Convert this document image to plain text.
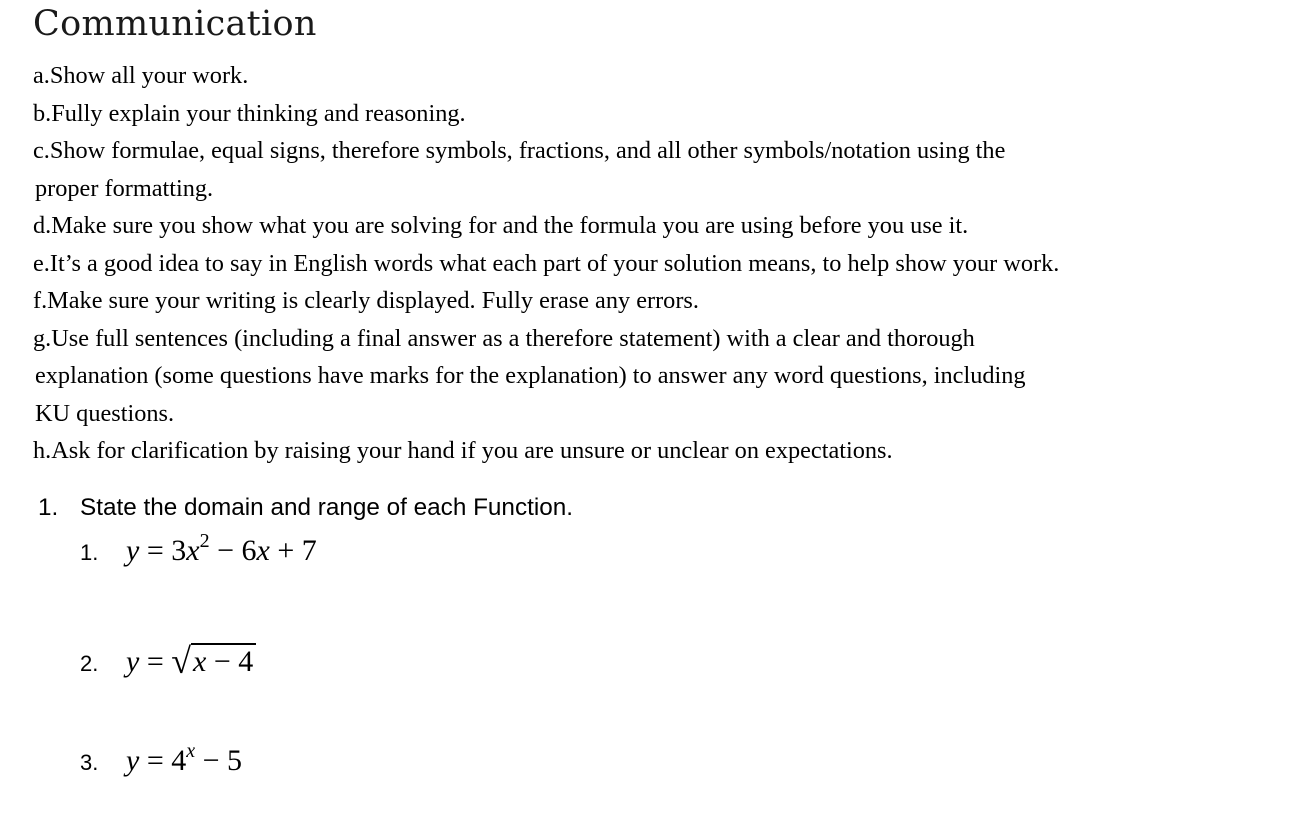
Communication
a.Show all your work.
b.Fully explain your thinking and reasoning.
c.Show formulae, equal signs, therefore symbols, fractions, and all other symbols/notation using the
proper formatting.
d.Make sure you show what you are solving for and the formula you are using before you use it.
e.It’s a good idea to say in English words what each part of your solution means, to help show your work.
f.Make sure your writing is clearly displayed. Fully erase any errors.
g.Use full sentences (including a final answer as a therefore statement) with a clear and thorough
explanation (some questions have marks for the explanation) to answer any word questions, including
KU questions.
h.Ask for clarification by raising your hand if you are unsure or unclear on expectations.
1. State the domain and range of each Function.
1. $y = 3x^2 - 6x + 7$
2. y = √x − 4
3. $y = 4^x - 5$
